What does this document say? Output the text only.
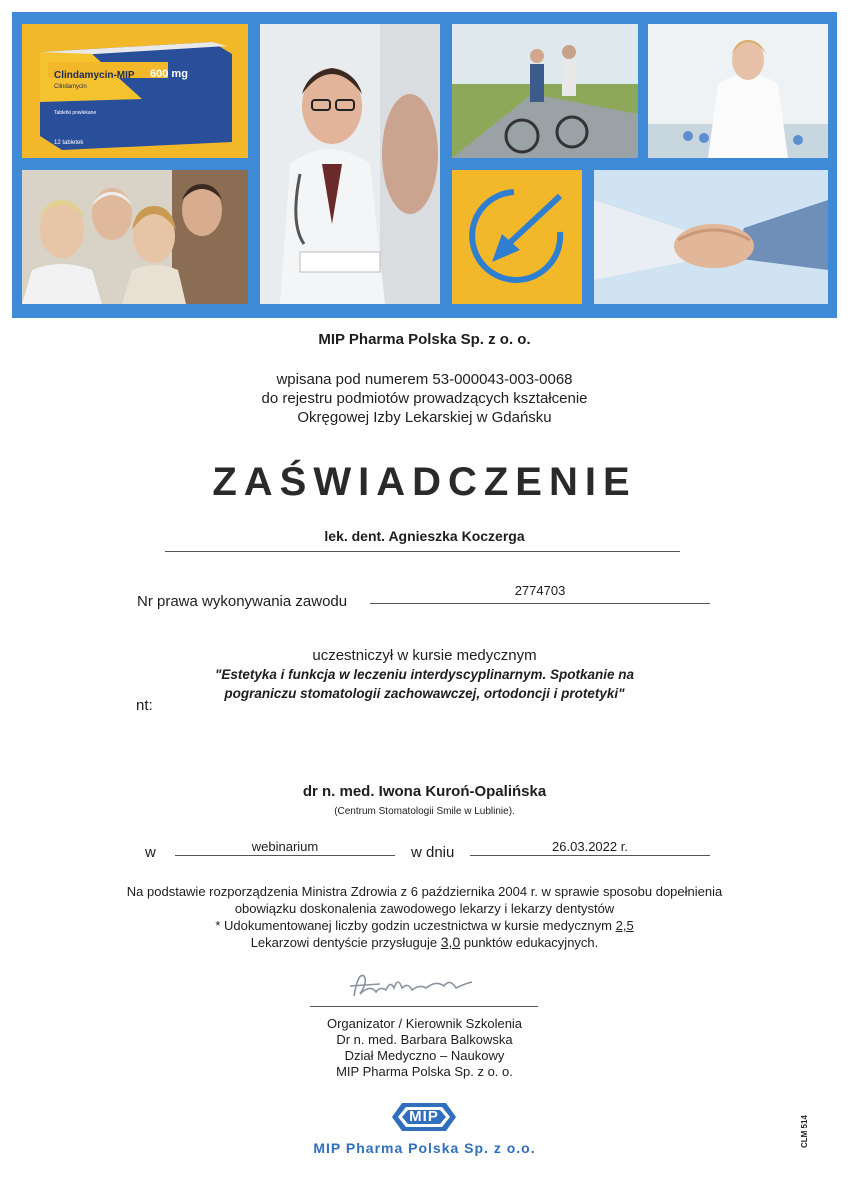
Clindamycin-MIP 600 mg
Clindamycin
Tabletki powlekane
12 tabletek
MIP Pharma Polska Sp. z o. o.
wpisana pod numerem 53-000043-003-0068
do rejestru podmiotów prowadzących kształcenie
Okręgowej Izby Lekarskiej w Gdańsku
ZAŚWIADCZENIE
lek. dent. Agnieszka Koczerga
Nr prawa wykonywania zawodu
2774703
uczestniczył w kursie medycznym
"Estetyka i funkcja w leczeniu interdyscyplinarnym. Spotkanie na
pograniczu stomatologii zachowawczej, ortodoncji i protetyki"
nt:
dr n. med. Iwona Kuroń-Opalińska
(Centrum Stomatologii Smile w Lublinie).
w	webinarium	w dniu	26.03.2022 r.
Na podstawie rozporządzenia Ministra Zdrowia z 6 października 2004 r. w sprawie sposobu dopełnienia
obowiązku doskonalenia zawodowego lekarzy i lekarzy dentystów
* Udokumentowanej liczby godzin uczestnictwa w kursie medycznym 2,5
Lekarzowi dentyście przysługuje 3,0 punktów edukacyjnych.
Organizator / Kierownik Szkolenia
Dr n. med. Barbara Balkowska
Dział Medyczno – Naukowy
MIP Pharma Polska Sp. z o. o.
MIP
MIP Pharma Polska Sp. z o.o.	CLM 514
